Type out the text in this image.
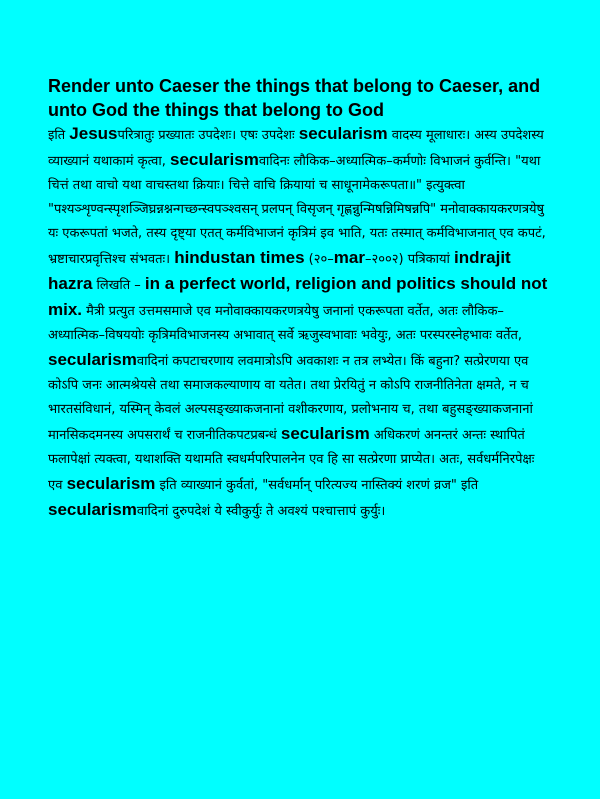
Render unto Caeser the things that belong to Caeser, and unto God the things that belong to God

इति Jesusपरित्रातुः प्रख्यातः उपदेशः। एषः उपदेशः secularism वादस्य मूलाधारः। अस्य उपदेशस्य व्याख्यानं यथाकामं कृत्वा, secularismवादिनः लौकिक–अध्यात्मिक–कर्मणोः विभाजनं कुर्वन्ति। "यथा चित्तं तथा वाचो यथा वाचस्तथा क्रियाः। चित्ते वाचि क्रियायां च साधूनामेकरूपता॥" इत्युक्त्वा "पश्यञ्शृण्वन्स्पृशञ्जिघ्रन्नश्नन्गच्छन्स्वपञ्श्वसन् प्रलपन् विसृजन् गृह्णन्नुन्मिषन्निमिषन्नपि" मनोवाक्कायकरणत्रयेषु यः एकरूपतां भजते, तस्य दृष्ट्या एतत् कर्मविभाजनं कृत्रिमं इव भाति, यतः तस्मात् कर्मविभाजनात् एव कपटं, भ्रष्टाचारप्रवृत्तिश्च संभवतः। hindustan times (२०–mar–२००२) पत्रिकायां indrajit hazra लिखति – in a perfect world, religion and politics should not mix. मैत्री प्रत्युत उत्तमसमाजे एव मनोवाक्कायकरणत्रयेषु जनानां एकरूपता वर्तेत, अतः लौकिक–अध्यात्मिक–विषययोः कृत्रिमविभाजनस्य अभावात् सर्वे ऋजुस्वभावाः भवेयुः, अतः परस्परस्नेहभावः वर्तेत, secularismवादिनां कपटाचरणाय लवमात्रोऽपि अवकाशः न तत्र लभ्येत। किं बहुना? सत्प्रेरणया एव कोऽपि जनः आत्मश्रेयसे तथा समाजकल्याणाय वा यतेत। तथा प्रेरयितुं न कोऽपि राजनीतिनेता क्षमते, न च भारतसंविधानं, यस्मिन् केवलं अल्पसङ्ख्याकजनानां वशीकरणाय, प्रलोभनाय च, तथा बहुसङ्ख्याकजनानां मानसिकदमनस्य अपसरार्थं च राजनीतिकपटप्रबन्धं secularism अधिकरणं अनन्तरं अन्तः स्थापितं फलापेक्षां त्यक्त्वा, यथाशक्ति यथामति स्वधर्मपरिपालनेन एव हि सा सत्प्रेरणा प्राप्येत। अतः, सर्वधर्मनिरपेक्षः एव secularism इति व्याख्यानं कुर्वतां, "सर्वधर्मान् परित्यज्य नास्तिक्यं शरणं व्रज" इति secularismवादिनां दुरुपदेशं ये स्वीकुर्युः ते अवश्यं पश्चात्तापं कुर्युः।
